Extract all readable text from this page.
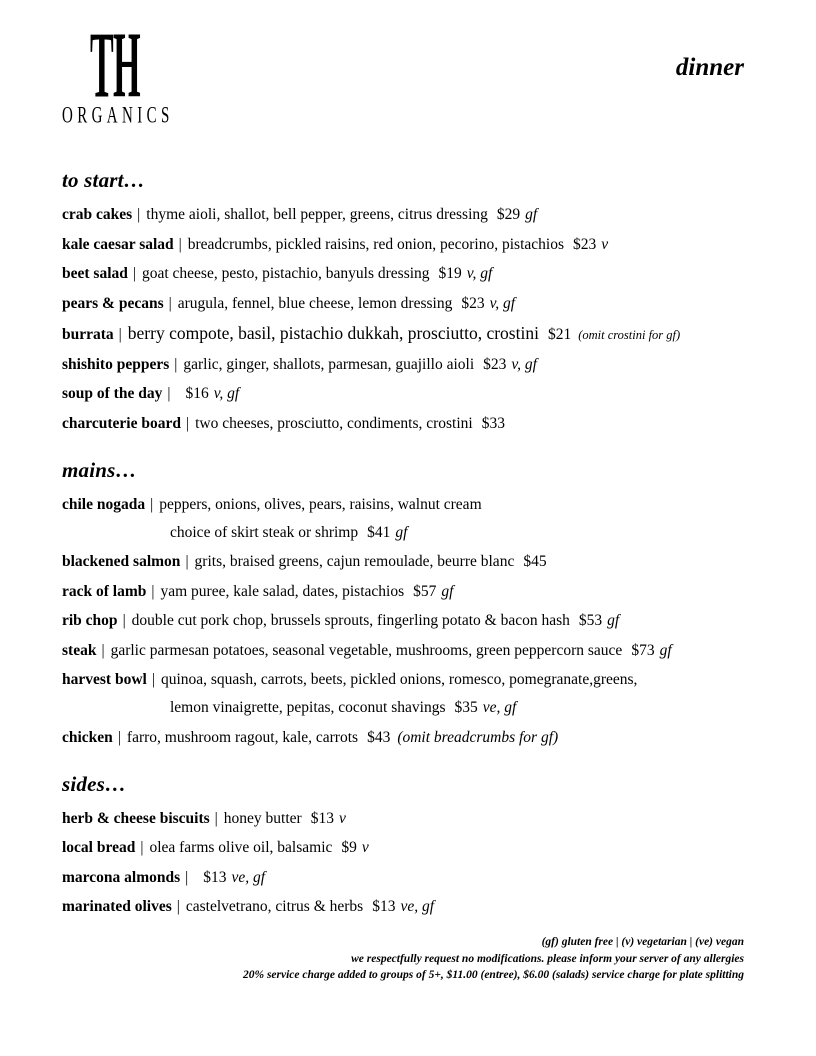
TH
ORGANICS
dinner
to start…
crab cakes | thyme aioli, shallot, bell pepper, greens, citrus dressing $29 gf
kale caesar salad | breadcrumbs, pickled raisins, red onion, pecorino, pistachios $23 v
beet salad | goat cheese, pesto, pistachio, banyuls dressing $19 v, gf
pears & pecans | arugula, fennel, blue cheese, lemon dressing $23 v, gf
burrata | berry compote, basil, pistachio dukkah, prosciutto, crostini $21 (omit crostini for gf)
shishito peppers | garlic, ginger, shallots, parmesan, guajillo aioli $23 v, gf
soup of the day | $16 v, gf
charcuterie board | two cheeses, prosciutto, condiments, crostini $33
mains…
chile nogada | peppers, onions, olives, pears, raisins, walnut cream
choice of skirt steak or shrimp $41 gf
blackened salmon | grits, braised greens, cajun remoulade, beurre blanc $45
rack of lamb | yam puree, kale salad, dates, pistachios $57 gf
rib chop | double cut pork chop, brussels sprouts, fingerling potato & bacon hash $53 gf
steak | garlic parmesan potatoes, seasonal vegetable, mushrooms, green peppercorn sauce $73 gf
harvest bowl | quinoa, squash, carrots, beets, pickled onions, romesco, pomegranate,greens,
lemon vinaigrette, pepitas, coconut shavings $35 ve, gf
chicken | farro, mushroom ragout, kale, carrots $43 (omit breadcrumbs for gf)
sides…
herb & cheese biscuits | honey butter $13 v
local bread | olea farms olive oil, balsamic $9 v
marcona almonds | $13 ve, gf
marinated olives | castelvetrano, citrus & herbs $13 ve, gf
(gf) gluten free | (v) vegetarian | (ve) vegan
we respectfully request no modifications. please inform your server of any allergies
20% service charge added to groups of 5+, $11.00 (entree), $6.00 (salads) service charge for plate splitting
